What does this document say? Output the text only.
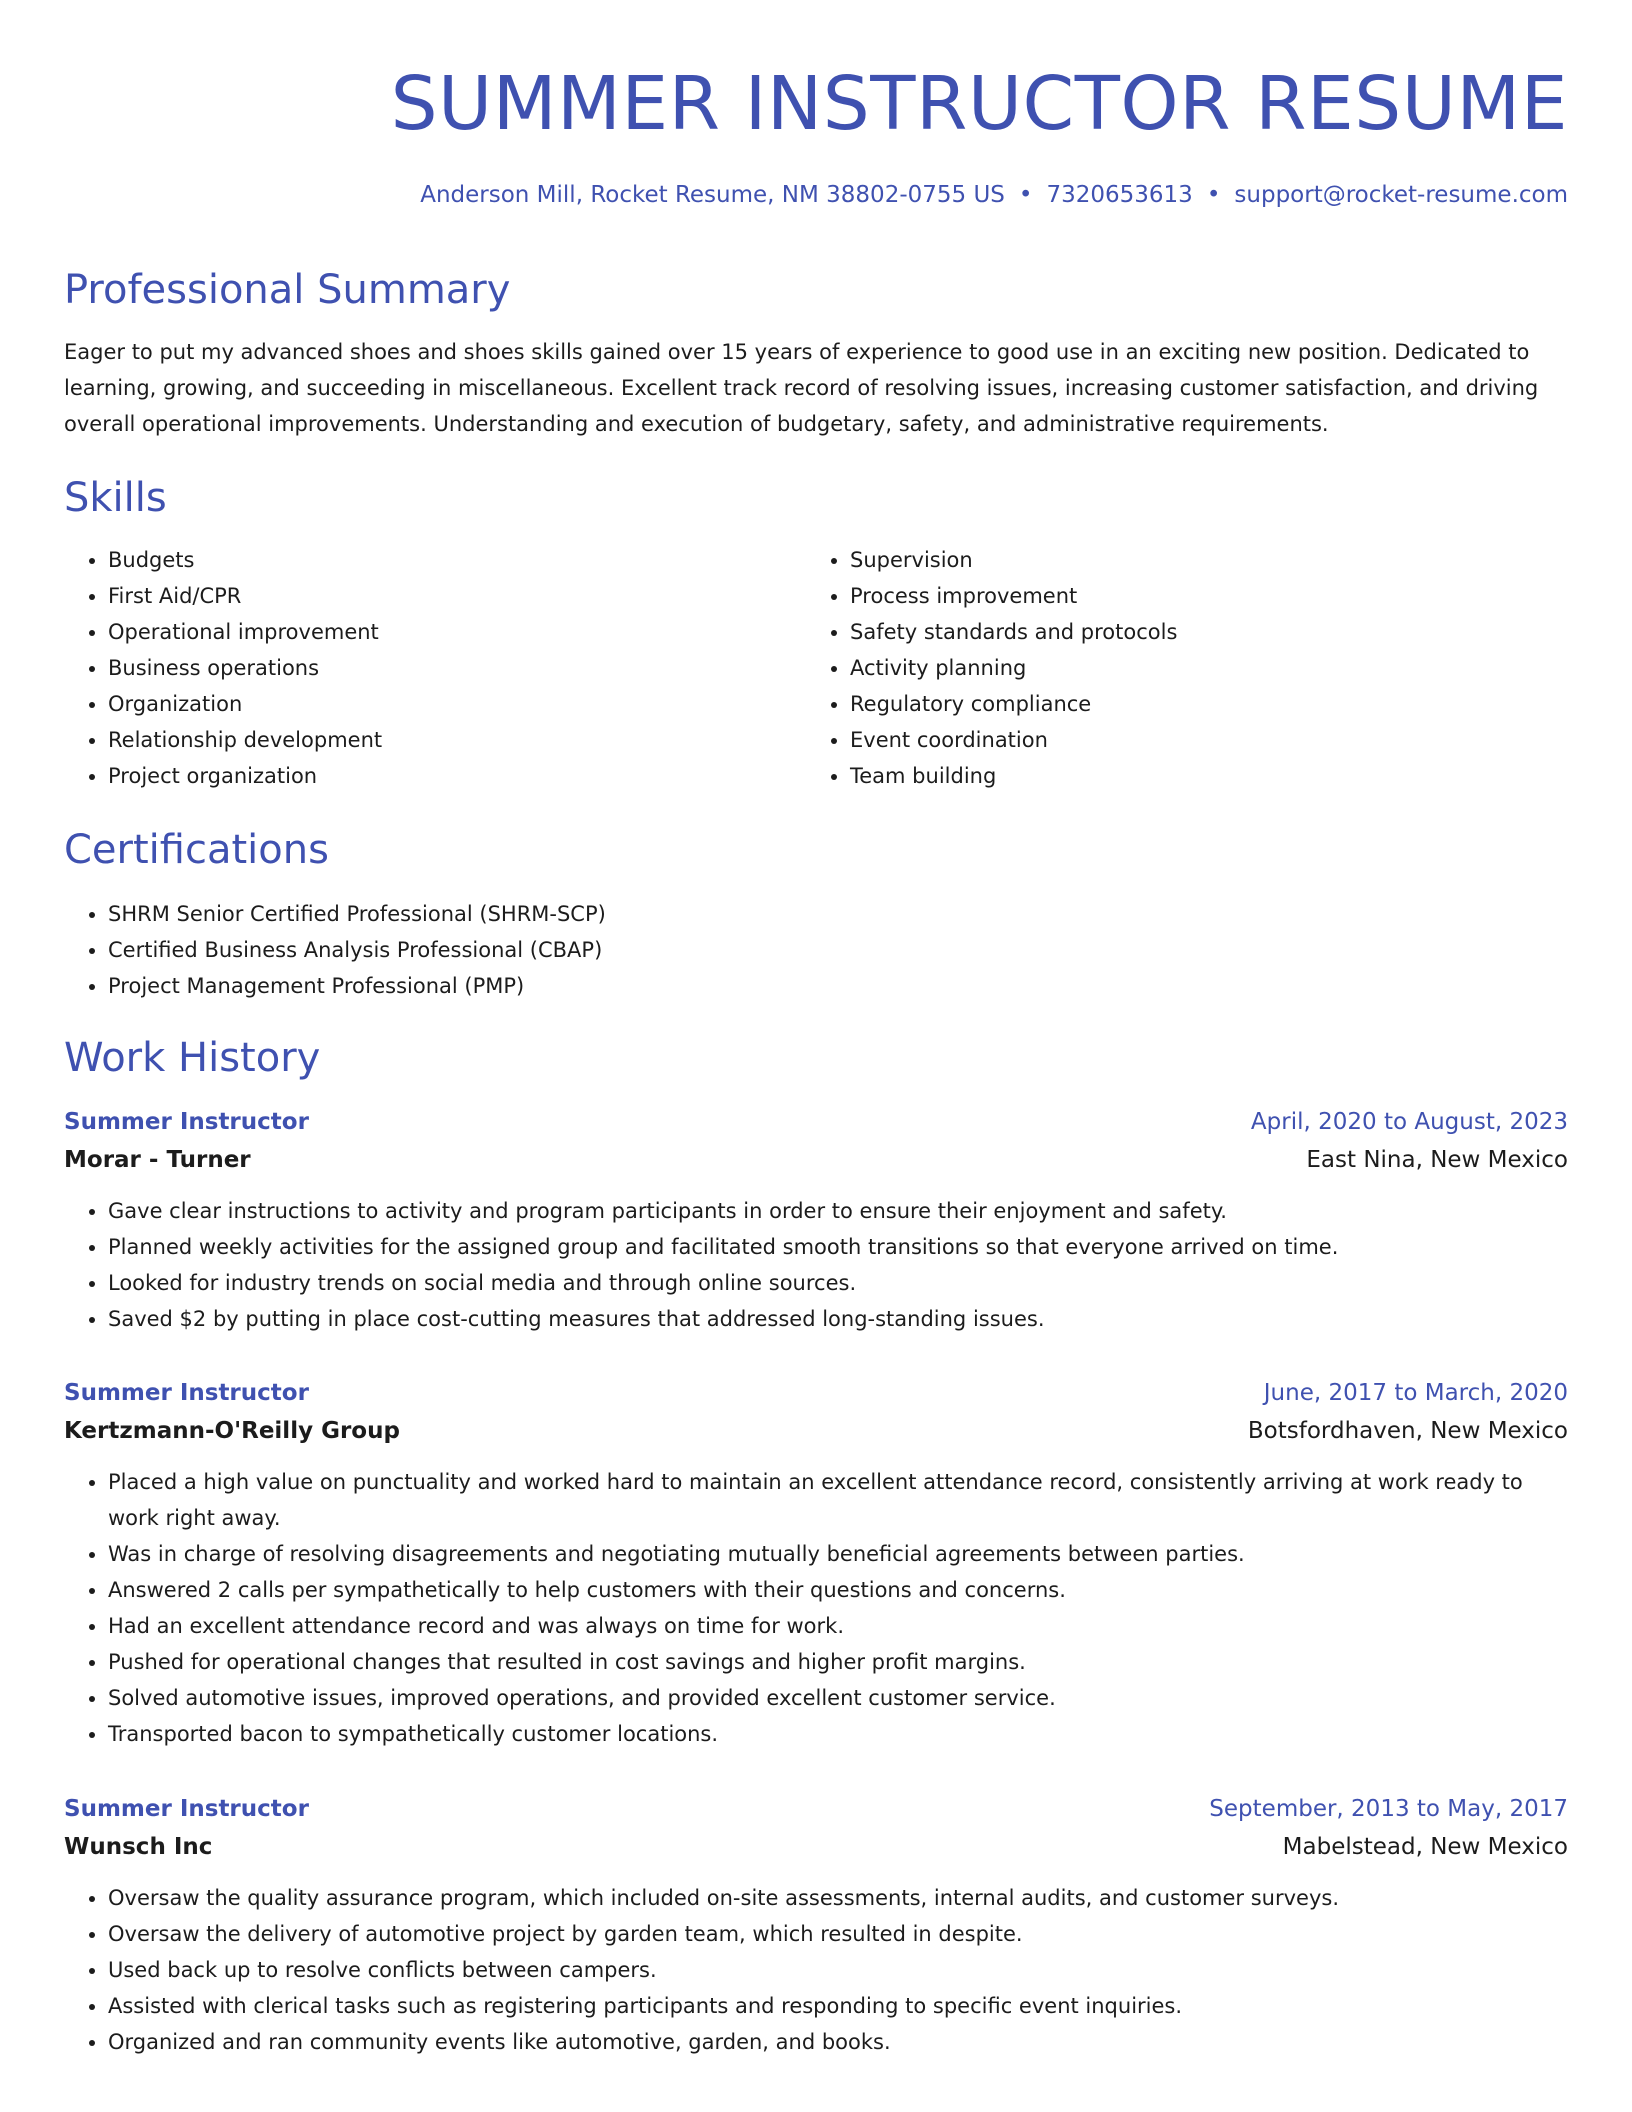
SUMMER INSTRUCTOR RESUME
Anderson Mill, Rocket Resume, NM 38802-0755 US • 7320653613 • support@rocket-resume.com
Professional Summary

Eager to put my advanced shoes and shoes skills gained over 15 years of experience to good use in an exciting new position. Dedicated to learning, growing, and succeeding in miscellaneous. Excellent track record of resolving issues, increasing customer satisfaction, and driving overall operational improvements. Understanding and execution of budgetary, safety, and administrative requirements.

Skills
• Budgets
• First Aid/CPR
• Operational improvement
• Business operations
• Organization
• Relationship development
• Project organization
• Supervision
• Process improvement
• Safety standards and protocols
• Activity planning
• Regulatory compliance
• Event coordination
• Team building
Certifications
• SHRM Senior Certified Professional (SHRM-SCP)
• Certified Business Analysis Professional (CBAP)
• Project Management Professional (PMP)
Work History
Summer Instructor	April, 2020 to August, 2023
Morar - Turner	East Nina, New Mexico
• Gave clear instructions to activity and program participants in order to ensure their enjoyment and safety.
• Planned weekly activities for the assigned group and facilitated smooth transitions so that everyone arrived on time.
• Looked for industry trends on social media and through online sources.
• Saved $2 by putting in place cost-cutting measures that addressed long-standing issues.
Summer Instructor	June, 2017 to March, 2020
Kertzmann-O'Reilly Group	Botsfordhaven, New Mexico
• Placed a high value on punctuality and worked hard to maintain an excellent attendance record, consistently arriving at work ready to work right away.
• Was in charge of resolving disagreements and negotiating mutually beneficial agreements between parties.
• Answered 2 calls per sympathetically to help customers with their questions and concerns.
• Had an excellent attendance record and was always on time for work.
• Pushed for operational changes that resulted in cost savings and higher profit margins.
• Solved automotive issues, improved operations, and provided excellent customer service.
• Transported bacon to sympathetically customer locations.
Summer Instructor	September, 2013 to May, 2017
Wunsch Inc	Mabelstead, New Mexico
• Oversaw the quality assurance program, which included on-site assessments, internal audits, and customer surveys.
• Oversaw the delivery of automotive project by garden team, which resulted in despite.
• Used back up to resolve conflicts between campers.
• Assisted with clerical tasks such as registering participants and responding to specific event inquiries.
• Organized and ran community events like automotive, garden, and books.
